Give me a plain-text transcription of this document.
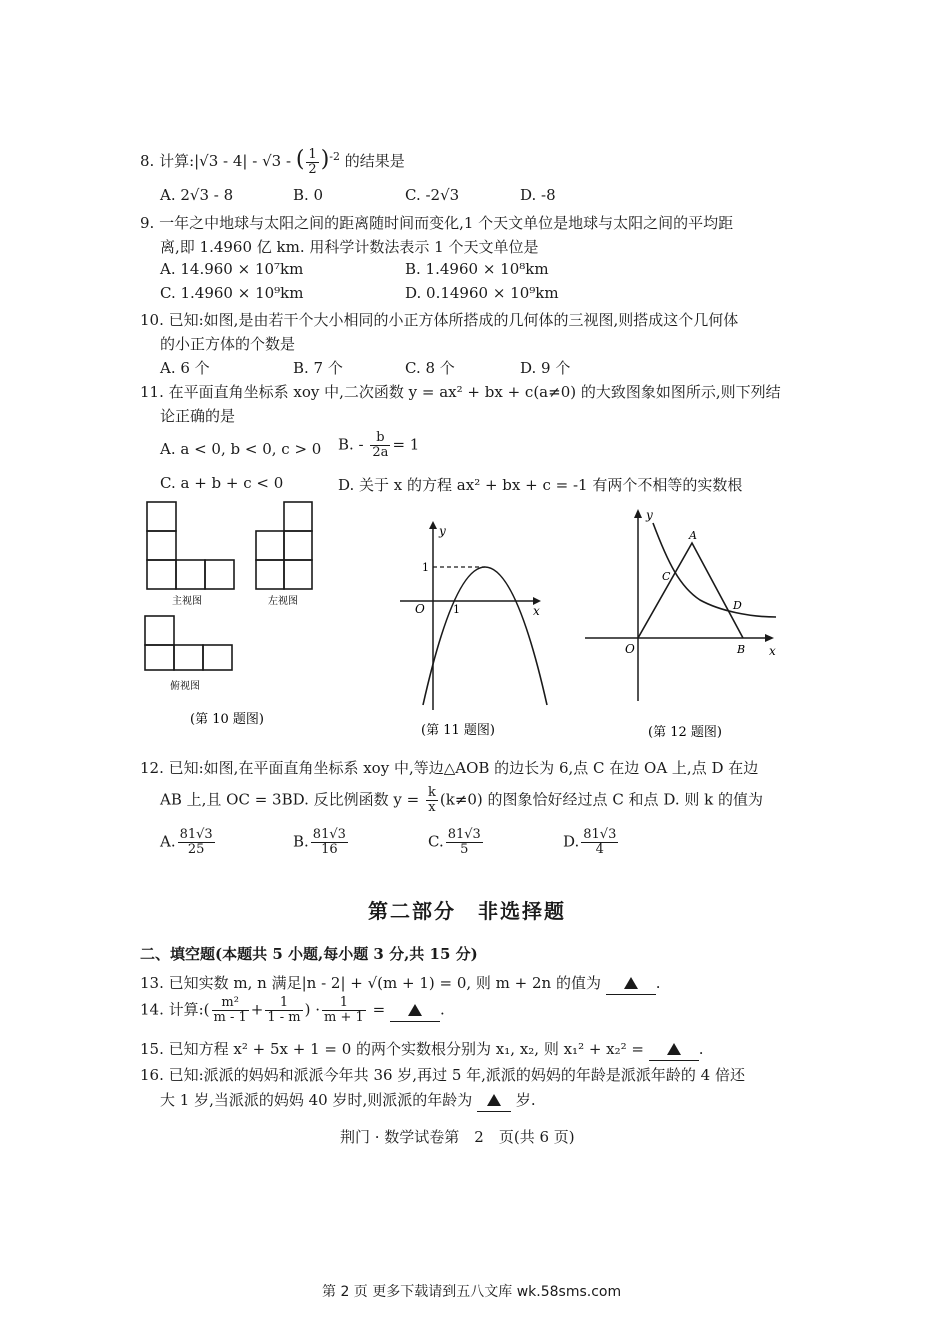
8. 计算:|√3 - 4| - √3 - ( $\frac{1}{2} )^{-2}$ 的结果是
A. 2√3 - 8	B. 0	C. -2√3	D. -8
9. 一年之中地球与太阳之间的距离随时间而变化,1 个天文单位是地球与太阳之间的平均距
离,即 1.4960 亿 km. 用科学计数法表示 1 个天文单位是
A. 14.960 × 10⁷km	B. 1.4960 × 10⁸km
C. 1.4960 × 10⁹km	D. 0.14960 × 10⁹km
10. 已知:如图,是由若干个大小相同的小正方体所搭成的几何体的三视图,则搭成这个几何体
的小正方体的个数是
A. 6 个	B. 7 个	C. 8 个	D. 9 个
11. 在平面直角坐标系 xoy 中,二次函数 y = ax² + bx + c(a≠0) 的大致图象如图所示,则下列结
论正确的是
A. a < 0, b < 0, c > 0 B. - $\frac{b}{2a} = 1$
C. a + b + c < 0	D. 关于 x 的方程 ax² + bx + c = -1 有两个不相等的实数根
主视图	左视图
俯视图
(第 10 题图)
y
x
O	1
1
(第 11 题图)
y
x
O
A
B
C
D
(第 12 题图)
12. 已知:如图,在平面直角坐标系 xoy 中,等边△AOB 的边长为 6,点 C 在边 OA 上,点 D 在边
AB 上,且 OC = 3BD. 反比例函数 $y = \frac{k}{x} (k\ne 0)$ 的图象恰好经过点 C 和点 D. 则 k 的值为
A. $\frac{81√3}{25}$	B. $\frac{81√3}{16}$	C. $\frac{81√3}{5}$	D. $\frac{81√3}{4}$
第二部分　非选择题
二、填空题(本题共 5 小题,每小题 3 分,共 15 分)
13. 已知实数 m, n 满足|n - 2| + √(m + 1) = 0, 则 m + 2n 的值为	.
14. 计算:( $\frac{\text{m²}}{m - 1} + \frac{1}{1 - m}$ ) · $\frac{1}{m + 1}$ =	.
15. 已知方程 x² + 5x + 1 = 0 的两个实数根分别为 x₁, x₂, 则 x₁² + x₂² =	.
16. 已知:派派的妈妈和派派今年共 36 岁,再过 5 年,派派的妈妈的年龄是派派年龄的 4 倍还
大 1 岁,当派派的妈妈 40 岁时,则派派的年龄为	岁.
荆门 · 数学试卷第　2　页(共 6 页)
第 2 页 更多下载请到五八文库 wk.58sms.com
